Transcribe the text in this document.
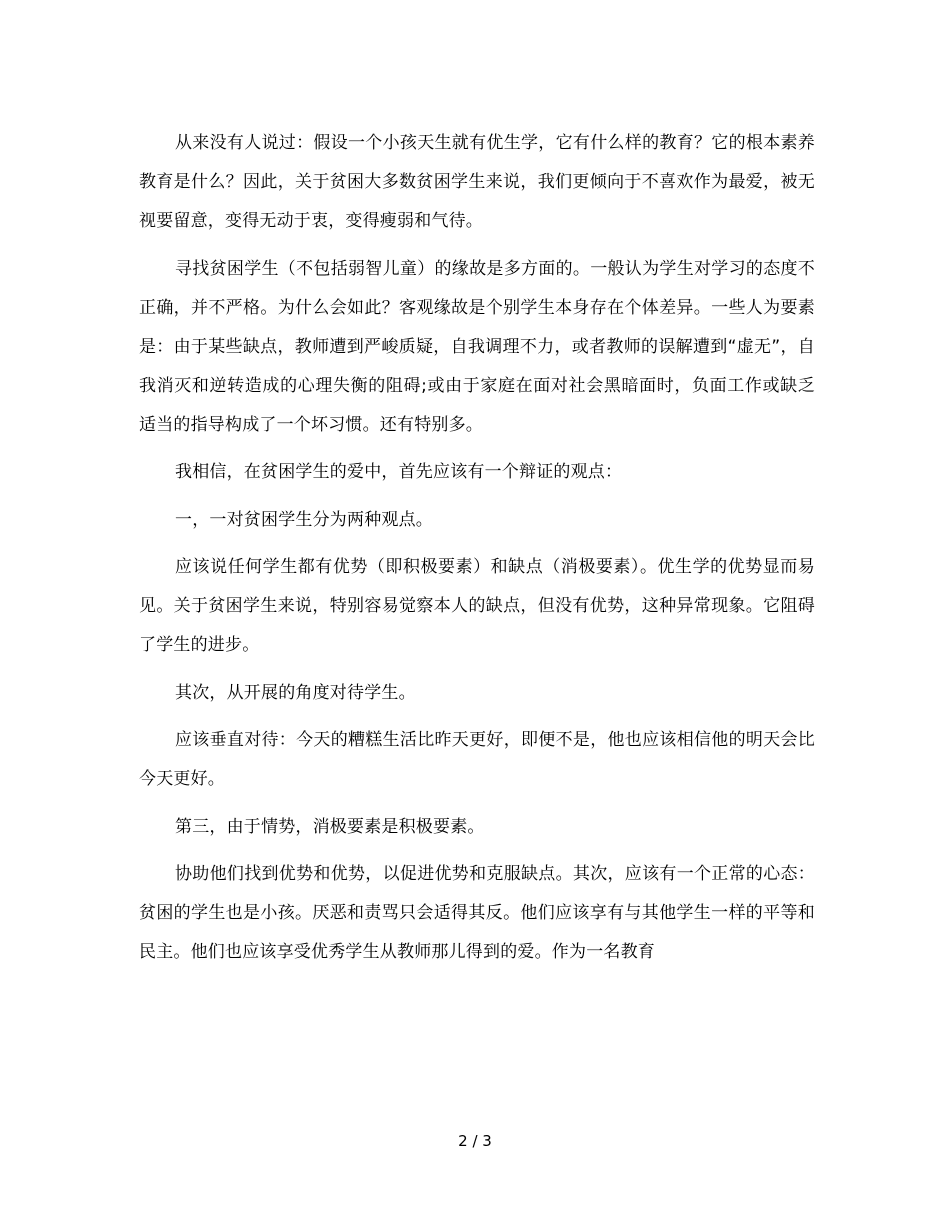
从来没有人说过：假设一个小孩天生就有优生学，它有什么样的教育？它的根本素养教育是什么？因此，关于贫困大多数贫困学生来说，我们更倾向于不喜欢作为最爱，被无视要留意，变得无动于衷，变得瘦弱和气待。

寻找贫困学生（不包括弱智儿童）的缘故是多方面的。一般认为学生对学习的态度不正确，并不严格。为什么会如此？客观缘故是个别学生本身存在个体差异。一些人为要素是：由于某些缺点，教师遭到严峻质疑，自我调理不力，或者教师的误解遭到“虚无”，自我消灭和逆转造成的心理失衡的阻碍;或由于家庭在面对社会黑暗面时，负面工作或缺乏适当的指导构成了一个坏习惯。还有特别多。

我相信，在贫困学生的爱中，首先应该有一个辩证的观点：

一，一对贫困学生分为两种观点。

应该说任何学生都有优势（即积极要素）和缺点（消极要素）。优生学的优势显而易见。关于贫困学生来说，特别容易觉察本人的缺点，但没有优势，这种异常现象。它阻碍了学生的进步。

其次，从开展的角度对待学生。

应该垂直对待：今天的糟糕生活比昨天更好，即便不是，他也应该相信他的明天会比今天更好。

第三，由于情势，消极要素是积极要素。

协助他们找到优势和优势，以促进优势和克服缺点。其次，应该有一个正常的心态：贫困的学生也是小孩。厌恶和责骂只会适得其反。他们应该享有与其他学生一样的平等和民主。他们也应该享受优秀学生从教师那儿得到的爱。作为一名教育

2 / 3
